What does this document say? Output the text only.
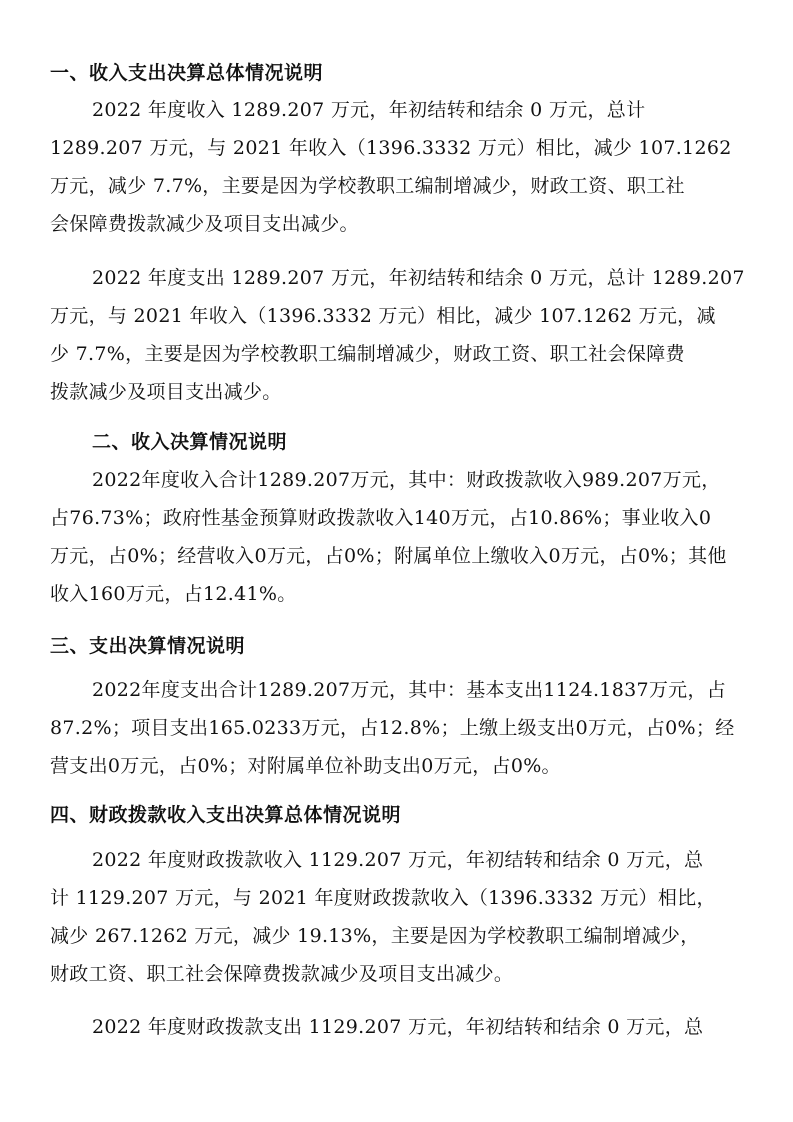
一、收入支出决算总体情况说明
2022 年度收入 1289.207 万元，年初结转和结余 0 万元，总计
1289.207 万元，与 2021 年收入（1396.3332 万元）相比，减少 107.1262
万元，减少 7.7%，主要是因为学校教职工编制增减少，财政工资、职工社
会保障费拨款减少及项目支出减少。
2022 年度支出 1289.207 万元，年初结转和结余 0 万元，总计 1289.207
万元，与 2021 年收入（1396.3332 万元）相比，减少 107.1262 万元，减
少 7.7%，主要是因为学校教职工编制增减少，财政工资、职工社会保障费
拨款减少及项目支出减少。
二、收入决算情况说明
2022年度收入合计1289.207万元，其中：财政拨款收入989.207万元，
占76.73%；政府性基金预算财政拨款收入140万元，占10.86%；事业收入0
万元，占0%；经营收入0万元，占0%；附属单位上缴收入0万元，占0%；其他
收入160万元，占12.41%。
三、支出决算情况说明
2022年度支出合计1289.207万元，其中：基本支出1124.1837万元，占
87.2%；项目支出165.0233万元，占12.8%；上缴上级支出0万元，占0%；经
营支出0万元，占0%；对附属单位补助支出0万元，占0%。
四、财政拨款收入支出决算总体情况说明
2022 年度财政拨款收入 1129.207 万元，年初结转和结余 0 万元，总
计 1129.207 万元，与 2021 年度财政拨款收入（1396.3332 万元）相比，
减少 267.1262 万元，减少 19.13%，主要是因为学校教职工编制增减少，
财政工资、职工社会保障费拨款减少及项目支出减少。
2022 年度财政拨款支出 1129.207 万元，年初结转和结余 0 万元，总
